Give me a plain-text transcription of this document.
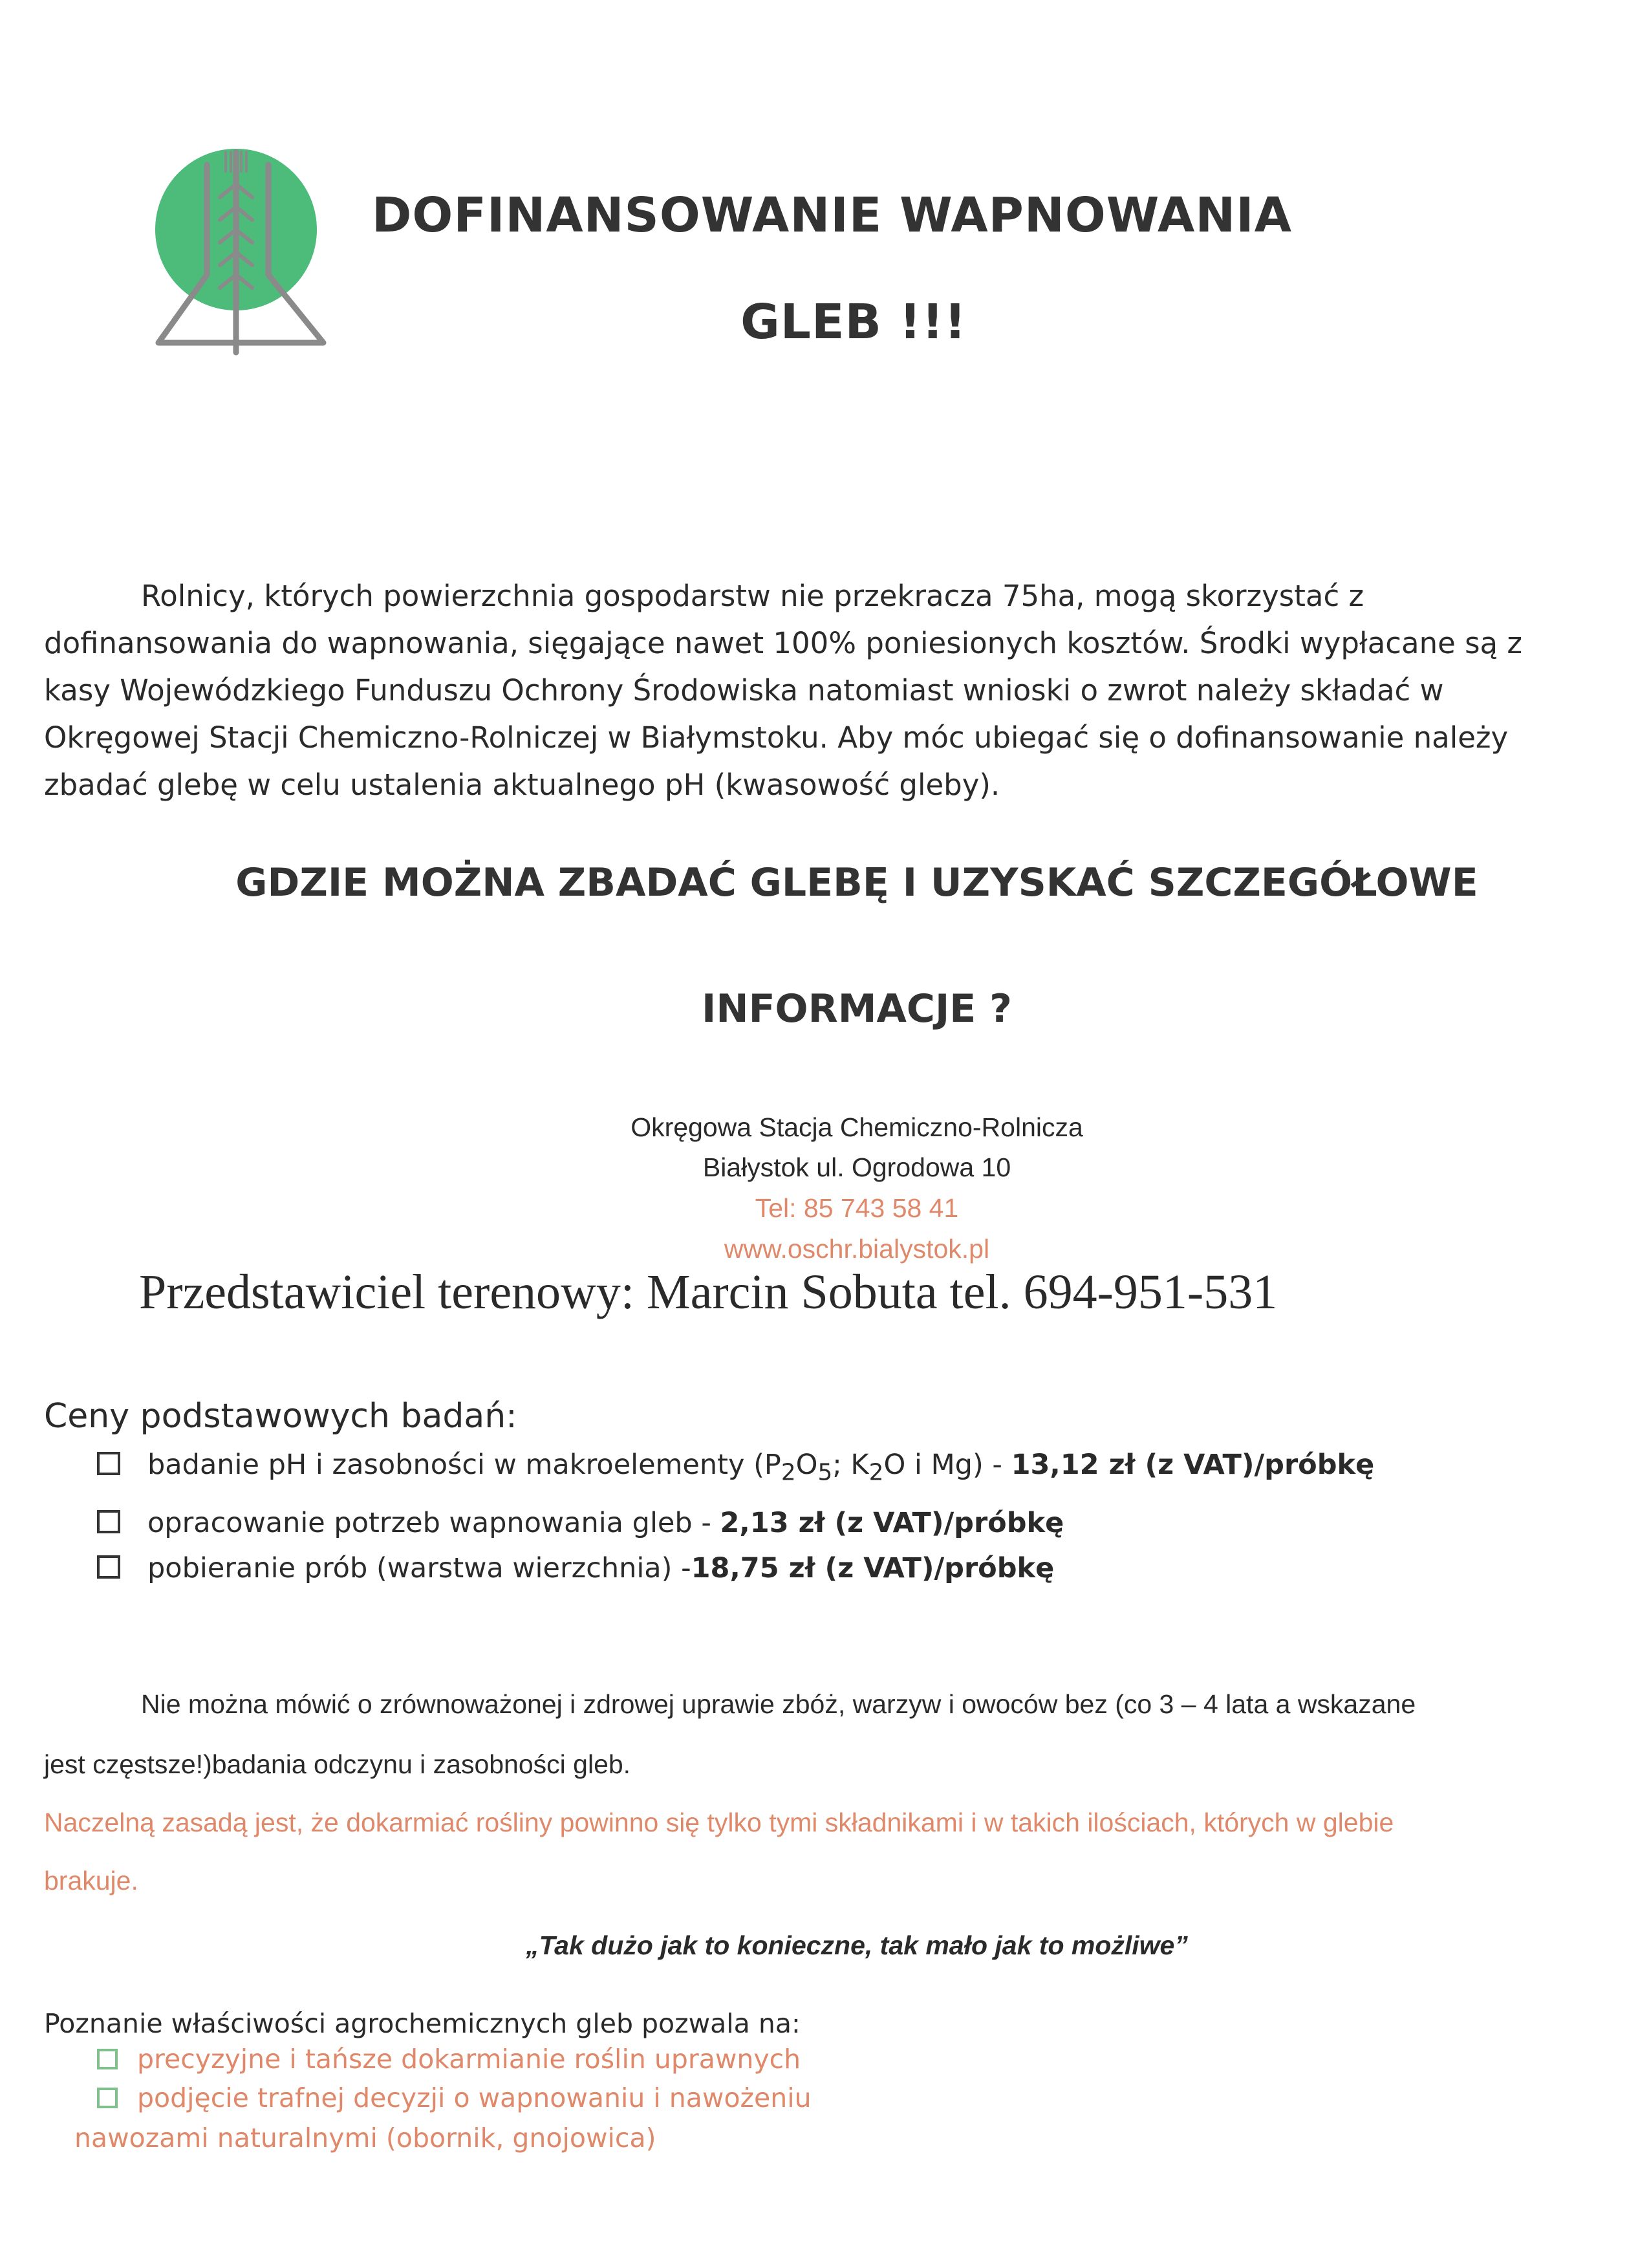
DOFINANSOWANIE WAPNOWANIA
GLEB !!!
Rolnicy, których powierzchnia gospodarstw nie przekracza 75ha, mogą skorzystać z dofinansowania do wapnowania, sięgające nawet 100% poniesionych kosztów. Środki wypłacane są z kasy Wojewódzkiego Funduszu Ochrony Środowiska natomiast wnioski o zwrot należy składać w Okręgowej Stacji Chemiczno-Rolniczej w Białymstoku. Aby móc ubiegać się o dofinansowanie należy zbadać glebę w celu ustalenia aktualnego pH (kwasowość gleby).
GDZIE MOŻNA ZBADAĆ GLEBĘ I UZYSKAĆ SZCZEGÓŁOWE
INFORMACJE ?
Okręgowa Stacja Chemiczno-Rolnicza
Białystok ul. Ogrodowa 10
Tel: 85 743 58 41
www.oschr.bialystok.pl
Przedstawiciel terenowy: Marcin Sobuta tel. 694-951-531
Ceny podstawowych badań:
badanie pH i zasobności w makroelementy ($P_2O_5$; $K_2O$ i Mg) - 13,12 zł (z VAT)/próbkę
opracowanie potrzeb wapnowania gleb - 2,13 zł (z VAT)/próbkę
pobieranie prób (warstwa wierzchnia) -18,75 zł (z VAT)/próbkę
Nie można mówić o zrównoważonej i zdrowej uprawie zbóż, warzyw i owoców bez (co 3 – 4 lata a wskazane
jest częstsze!)badania odczynu i zasobności gleb.
Naczelną zasadą jest, że dokarmiać rośliny powinno się tylko tymi składnikami i w takich ilościach, których w glebie
brakuje.
„Tak dużo jak to konieczne, tak mało jak to możliwe”
Poznanie właściwości agrochemicznych gleb pozwala na:
precyzyjne i tańsze dokarmianie roślin uprawnych
podjęcie trafnej decyzji o wapnowaniu i nawożeniu
nawozami naturalnymi (obornik, gnojowica)
